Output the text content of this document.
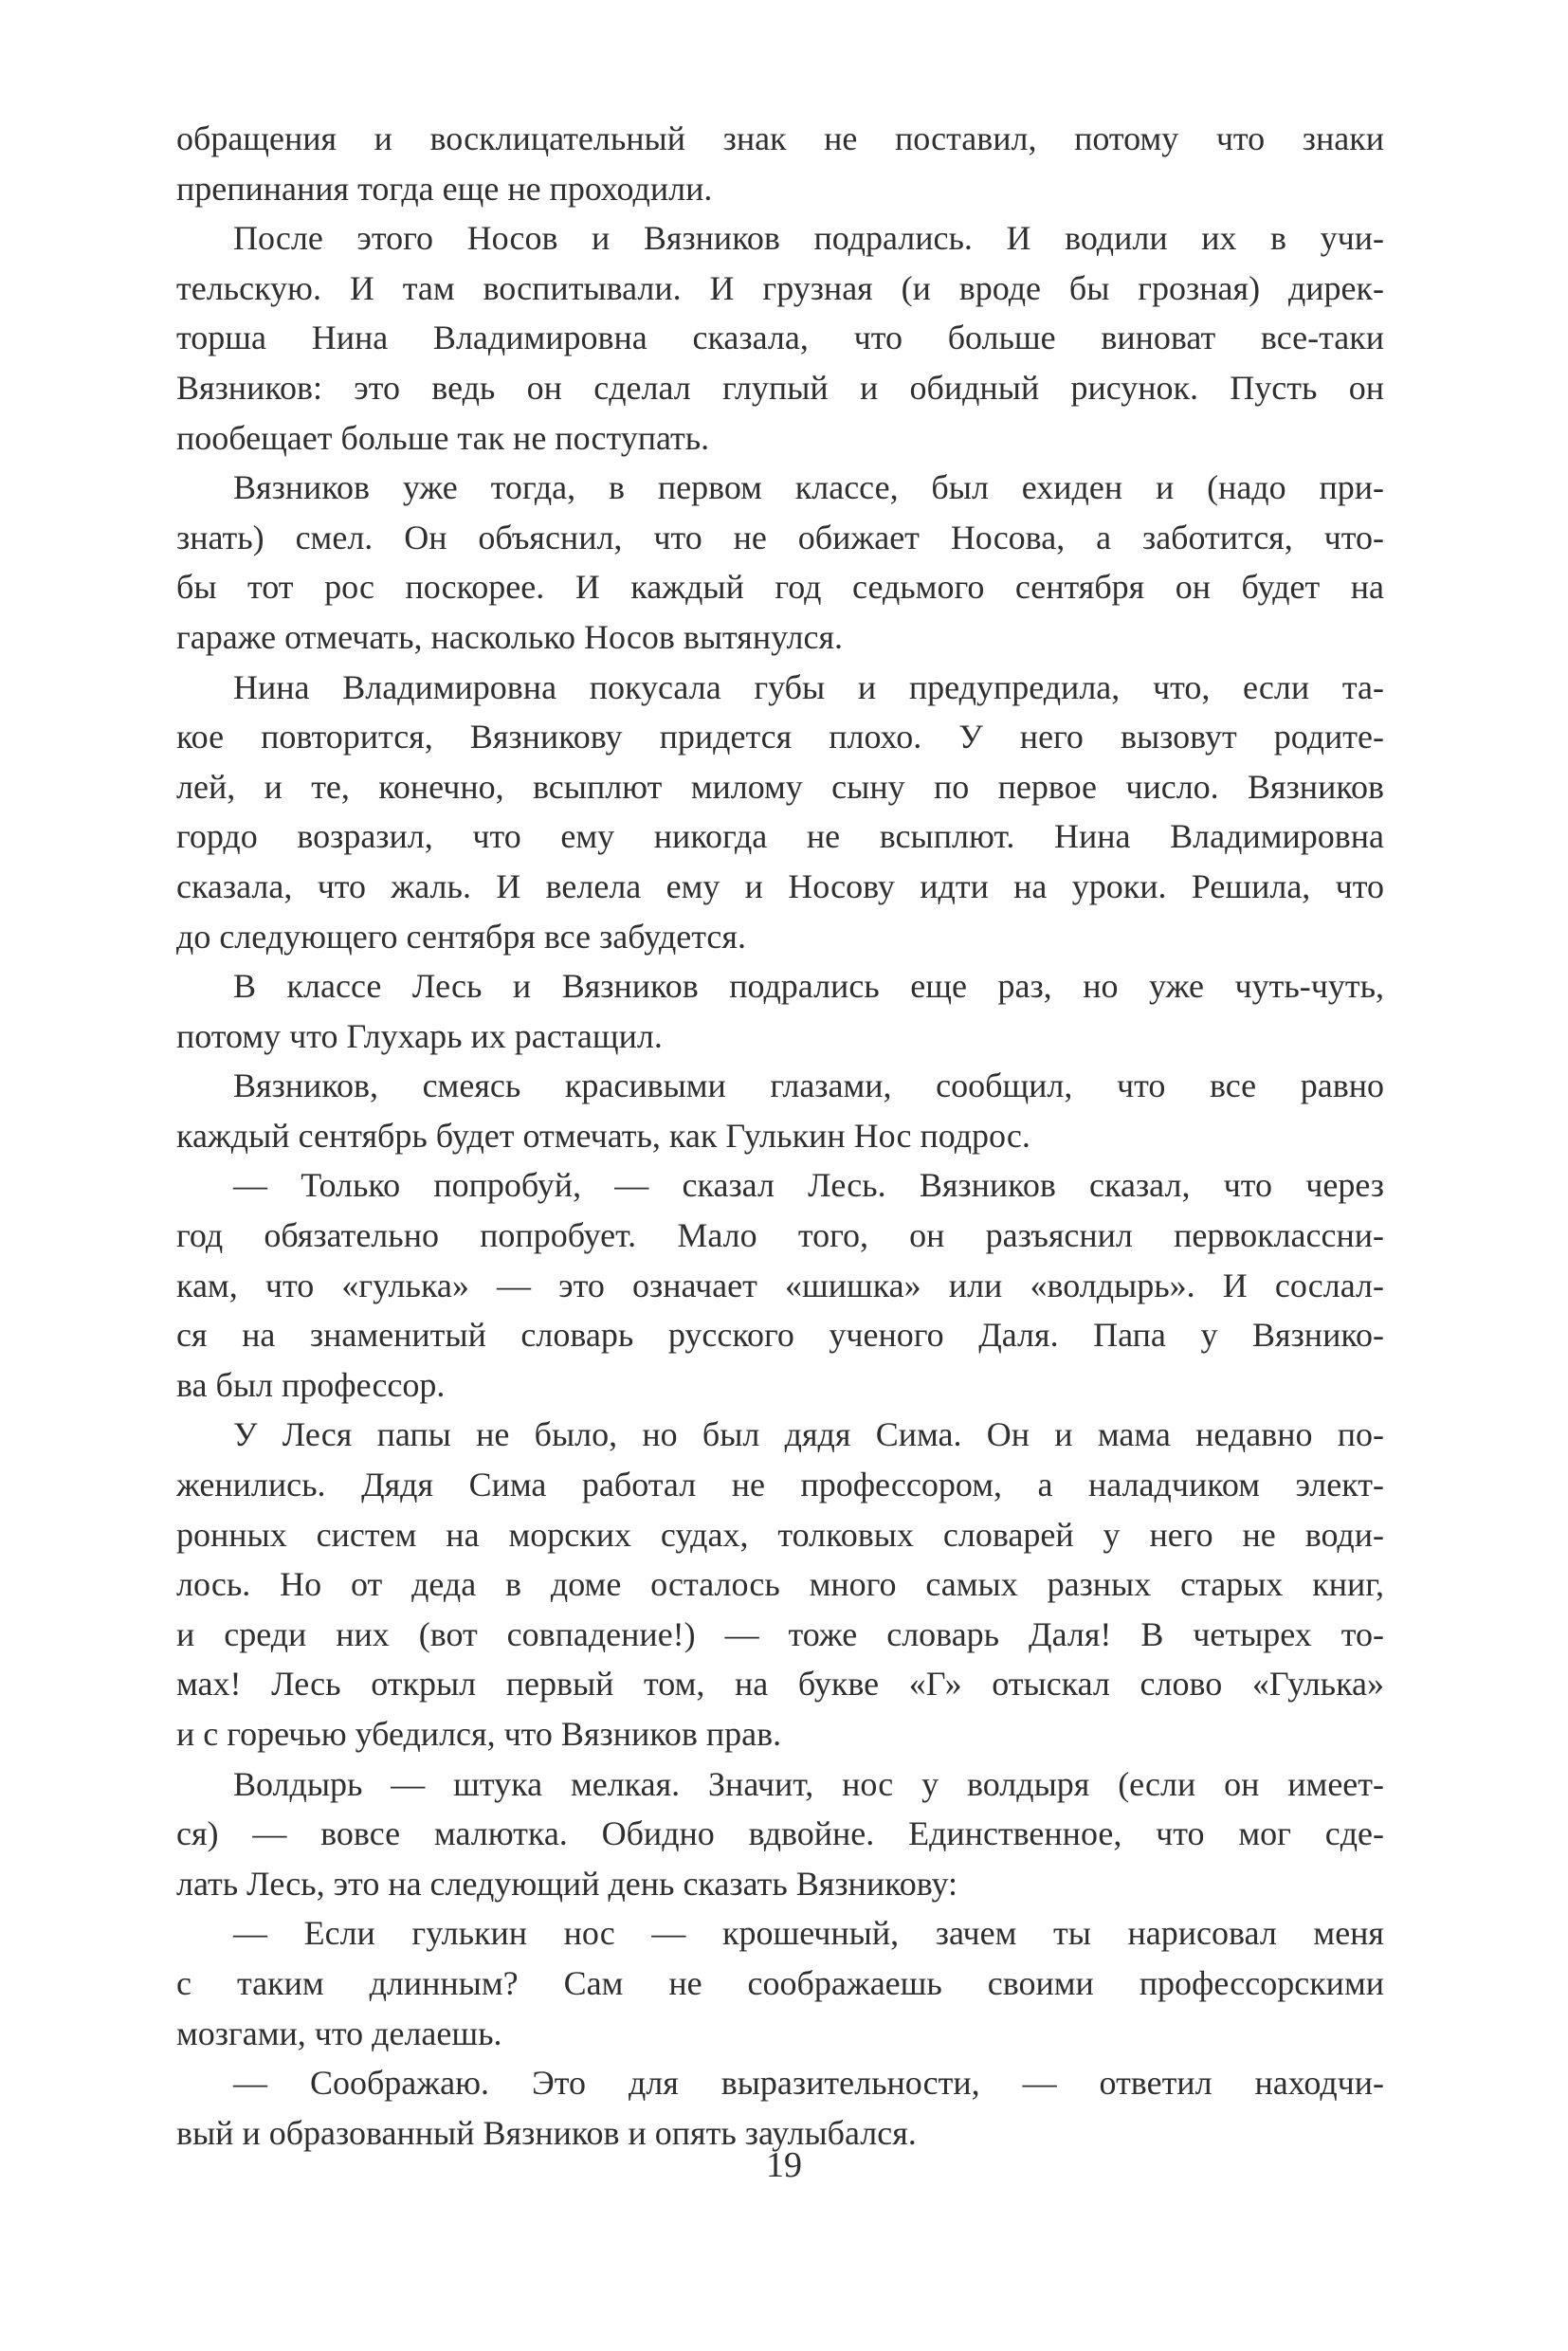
обращения и восклицательный знак не поставил, потому что знаки
препинания тогда еще не проходили.
После этого Носов и Вязников подрались. И водили их в учи-
тельскую. И там воспитывали. И грузная (и вроде бы грозная) дирек-
торша Нина Владимировна сказала, что больше виноват все-таки
Вязников: это ведь он сделал глупый и обидный рисунок. Пусть он
пообещает больше так не поступать.
Вязников уже тогда, в первом классе, был ехиден и (надо при-
знать) смел. Он объяснил, что не обижает Носова, а заботится, что-
бы тот рос поскорее. И каждый год седьмого сентября он будет на
гараже отмечать, насколько Носов вытянулся.
Нина Владимировна покусала губы и предупредила, что, если та-
кое повторится, Вязникову придется плохо. У него вызовут родите-
лей, и те, конечно, всыплют милому сыну по первое число. Вязников
гордо возразил, что ему никогда не всыплют. Нина Владимировна
сказала, что жаль. И велела ему и Носову идти на уроки. Решила, что
до следующего сентября все забудется.
В классе Лесь и Вязников подрались еще раз, но уже чуть-чуть,
потому что Глухарь их растащил.
Вязников, смеясь красивыми глазами, сообщил, что все равно
каждый сентябрь будет отмечать, как Гулькин Нос подрос.
— Только попробуй, — сказал Лесь. Вязников сказал, что через
год обязательно попробует. Мало того, он разъяснил первоклассни-
кам, что «гулька» — это означает «шишка» или «волдырь». И сослал-
ся на знаменитый словарь русского ученого Даля. Папа у Вязнико-
ва был профессор.
У Леся папы не было, но был дядя Сима. Он и мама недавно по-
женились. Дядя Сима работал не профессором, а наладчиком элект-
ронных систем на морских судах, толковых словарей у него не води-
лось. Но от деда в доме осталось много самых разных старых книг,
и среди них (вот совпадение!) — тоже словарь Даля! В четырех то-
мах! Лесь открыл первый том, на букве «Г» отыскал слово «Гулька»
и с горечью убедился, что Вязников прав.
Волдырь — штука мелкая. Значит, нос у волдыря (если он имеет-
ся) — вовсе малютка. Обидно вдвойне. Единственное, что мог сде-
лать Лесь, это на следующий день сказать Вязникову:
— Если гулькин нос — крошечный, зачем ты нарисовал меня
с таким длинным? Сам не соображаешь своими профессорскими
мозгами, что делаешь.
— Соображаю. Это для выразительности, — ответил находчи-
вый и образованный Вязников и опять заулыбался.
19
